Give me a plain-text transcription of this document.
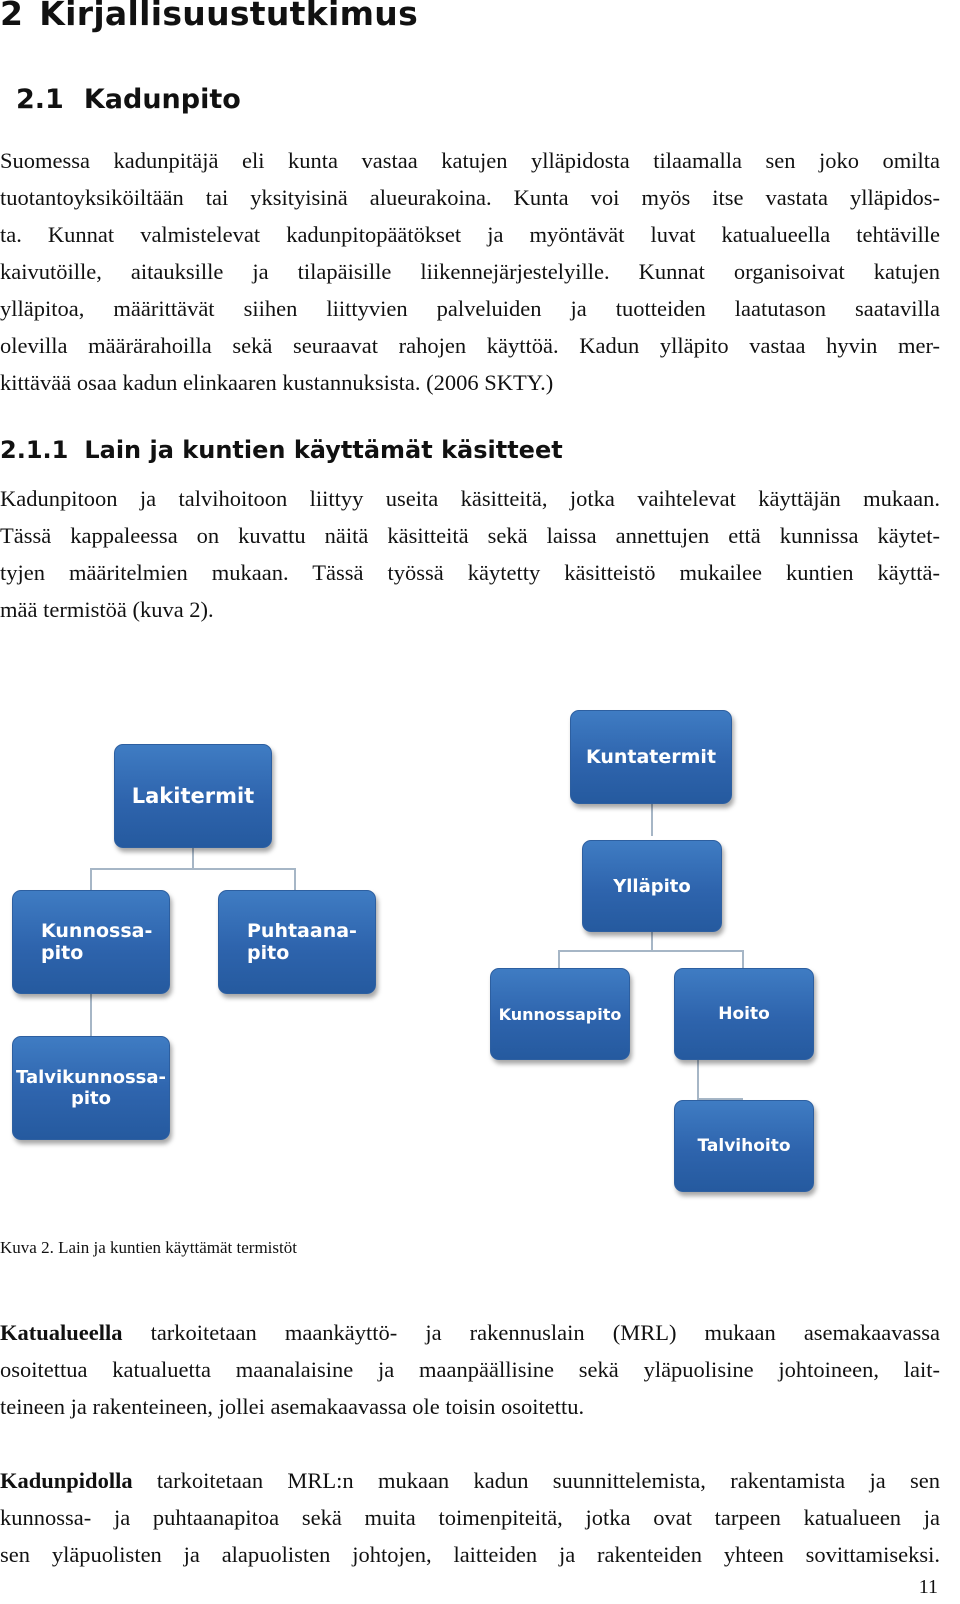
2 Kirjallisuustutkimus
2.1 Kadunpito
Suomessa kadunpitäjä eli kunta vastaa katujen ylläpidosta tilaamalla sen joko omilta
tuotantoyksiköiltään tai yksityisinä alueurakoina. Kunta voi myös itse vastata ylläpidos-
ta. Kunnat valmistelevat kadunpitopäätökset ja myöntävät luvat katualueella tehtäville
kaivutöille, aitauksille ja tilapäisille liikennejärjestelyille. Kunnat organisoivat katujen
ylläpitoa, määrittävät siihen liittyvien palveluiden ja tuotteiden laatutason saatavilla
olevilla määrärahoilla sekä seuraavat rahojen käyttöä. Kadun ylläpito vastaa hyvin mer-
kittävää osaa kadun elinkaaren kustannuksista. (2006 SKTY.)
2.1.1 Lain ja kuntien käyttämät käsitteet
Kadunpitoon ja talvihoitoon liittyy useita käsitteitä, jotka vaihtelevat käyttäjän mukaan.
Tässä kappaleessa on kuvattu näitä käsitteitä sekä laissa annettujen että kunnissa käytet-
tyjen määritelmien mukaan. Tässä työssä käytetty käsitteistö mukailee kuntien käyttä-
mää termistöä (kuva 2).
Lakitermit
Kunnossa-
pito
Puhtaana-
pito
Talvikunnossa-
pito
Kuntatermit
Ylläpito
Kunnossapito	Hoito
Talvihoito
Kuva 2. Lain ja kuntien käyttämät termistöt
Katualueella tarkoitetaan maankäyttö- ja rakennuslain (MRL) mukaan asemakaavassa
osoitettua katualuetta maanalaisine ja maanpäällisine sekä yläpuolisine johtoineen, lait-
teineen ja rakenteineen, jollei asemakaavassa ole toisin osoitettu.
Kadunpidolla tarkoitetaan MRL:n mukaan kadun suunnittelemista, rakentamista ja sen
kunnossa- ja puhtaanapitoa sekä muita toimenpiteitä, jotka ovat tarpeen katualueen ja
sen yläpuolisten ja alapuolisten johtojen, laitteiden ja rakenteiden yhteen sovittamiseksi.
11
